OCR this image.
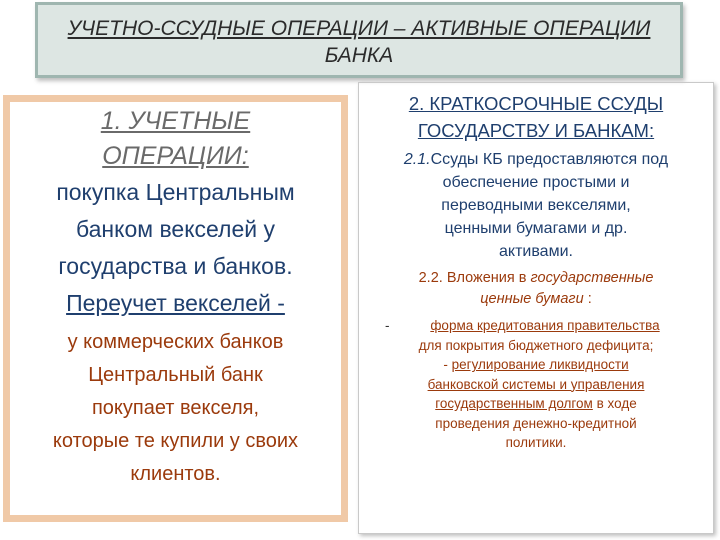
УЧЕТНО-ССУДНЫЕ ОПЕРАЦИИ – АКТИВНЫЕ ОПЕРАЦИИ
БАНКА
1. УЧЕТНЫЕ
ОПЕРАЦИИ:
покупка Центральным
банком векселей у
государства и банков.
Переучет векселей -
у коммерческих банков
Центральный банк
покупает векселя,
которые те купили у своих
клиентов.
2. КРАТКОСРОЧНЫЕ ССУДЫ
ГОСУДАРСТВУ И БАНКАМ:
2.1.Ссуды КБ предоставляются под
обеспечение простыми и
переводными векселями,
ценными бумагами и др.
активами.
2.2. Вложения в государственные
ценные бумаги :
-	форма кредитования правительства
для покрытия бюджетного дефицита;
- регулирование ликвидности
банковской системы и управления
государственным долгом в ходе
проведения денежно-кредитной
политики.
